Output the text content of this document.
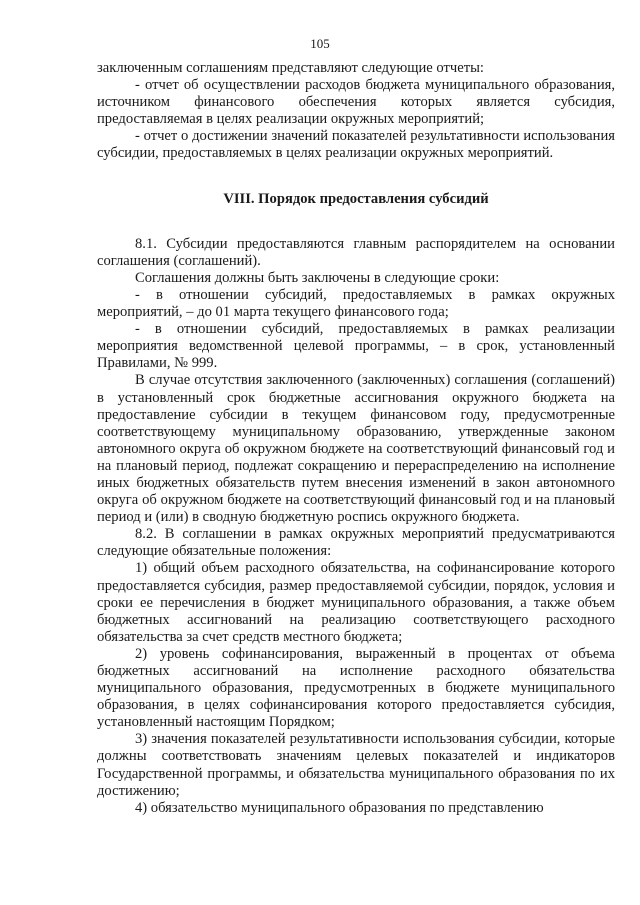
105

заключенным соглашениям представляют следующие отчеты:

- отчет об осуществлении расходов бюджета муниципального образования, источником финансового обеспечения которых является субсидия, предоставляемая в целях реализации окружных мероприятий;

- отчет о достижении значений показателей результативности использования субсидии, предоставляемых в целях реализации окружных мероприятий.

VIII. Порядок предоставления субсидий

8.1. Субсидии предоставляются главным распорядителем на основании соглашения (соглашений).

Соглашения должны быть заключены в следующие сроки:

- в отношении субсидий, предоставляемых в рамках окружных мероприятий, – до 01 марта текущего финансового года;

- в отношении субсидий, предоставляемых в рамках реализации мероприятия ведомственной целевой программы, – в срок, установленный Правилами, № 999.

В случае отсутствия заключенного (заключенных) соглашения (соглашений) в установленный срок бюджетные ассигнования окружного бюджета на предоставление субсидии в текущем финансовом году, предусмотренные соответствующему муниципальному образованию, утвержденные законом автономного округа об окружном бюджете на соответствующий финансовый год и на плановый период, подлежат сокращению и перераспределению на исполнение иных бюджетных обязательств путем внесения изменений в закон автономного округа об окружном бюджете на соответствующий финансовый год и на плановый период и (или) в сводную бюджетную роспись окружного бюджета.

8.2. В соглашении в рамках окружных мероприятий предусматриваются следующие обязательные положения:

1) общий объем расходного обязательства, на софинансирование которого предоставляется субсидия, размер предоставляемой субсидии, порядок, условия и сроки ее перечисления в бюджет муниципального образования, а также объем бюджетных ассигнований на реализацию соответствующего расходного обязательства за счет средств местного бюджета;

2) уровень софинансирования, выраженный в процентах от объема бюджетных ассигнований на исполнение расходного обязательства муниципального образования, предусмотренных в бюджете муниципального образования, в целях софинансирования которого предоставляется субсидия, установленный настоящим Порядком;

3) значения показателей результативности использования субсидии, которые должны соответствовать значениям целевых показателей и индикаторов Государственной программы, и обязательства муниципального образования по их достижению;

4) обязательство муниципального образования по представлению
